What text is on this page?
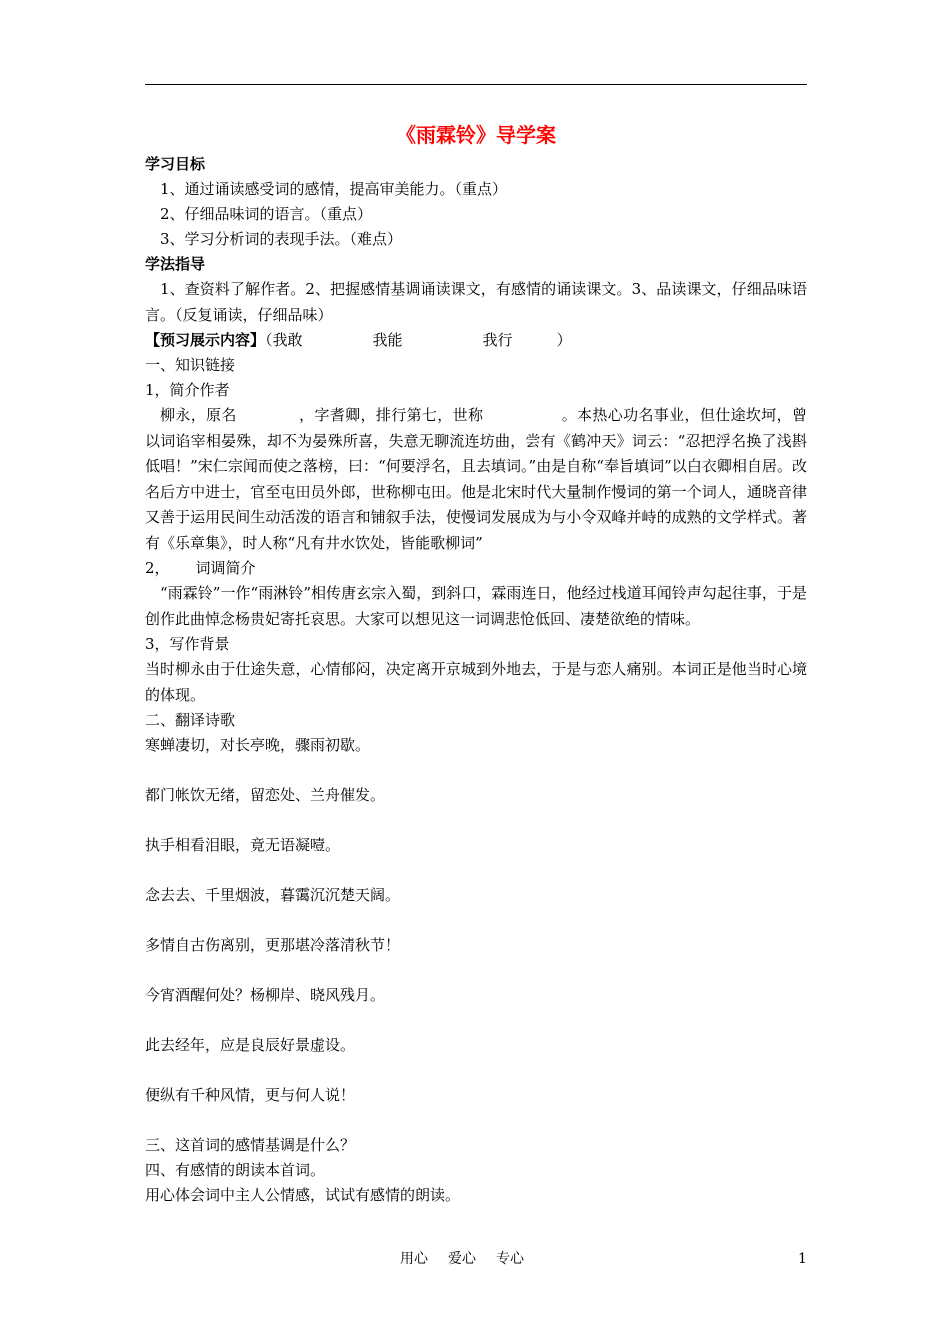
《雨霖铃》导学案

学习目标

1、通过诵读感受词的感情，提高审美能力。（重点）

2、仔细品味词的语言。（重点）

3、学习分析词的表现手法。（难点）

学法指导

1、查资料了解作者。2、把握感情基调诵读课文，有感情的诵读课文。3、品读课文，仔细品味语言。（反复诵读，仔细品味）

【预习展示内容】（我敢	我能	我行	）

一、知识链接

1，简介作者

柳永，原名	，字耆卿，排行第七，世称	。本热心功名事业，但仕途坎坷，曾以词谄宰相晏殊，却不为晏殊所喜，失意无聊流连坊曲，尝有《鹤冲天》词云：“忍把浮名换了浅斟低唱！”宋仁宗闻而使之落榜，曰：“何要浮名，且去填词。”由是自称“奉旨填词”以白衣卿相自居。改名后方中进士，官至屯田员外郎，世称柳屯田。他是北宋时代大量制作慢词的第一个词人，通晓音律又善于运用民间生动活泼的语言和铺叙手法，使慢词发展成为与小令双峰并峙的成熟的文学样式。著有《乐章集》，时人称“凡有井水饮处，皆能歌柳词”

2， 词调简介

“雨霖铃”一作“雨淋铃”相传唐玄宗入蜀，到斜口，霖雨连日，他经过栈道耳闻铃声勾起往事，于是创作此曲悼念杨贵妃寄托哀思。大家可以想见这一词调悲怆低回、凄楚欲绝的情味。

3，写作背景

当时柳永由于仕途失意，心情郁闷，决定离开京城到外地去，于是与恋人痛别。本词正是他当时心境的体现。

二、翻译诗歌

寒蝉凄切，对长亭晚，骤雨初歇。

都门帐饮无绪，留恋处、兰舟催发。

执手相看泪眼，竟无语凝噎。

念去去、千里烟波，暮霭沉沉楚天阔。

多情自古伤离别，更那堪冷落清秋节！

今宵酒醒何处？杨柳岸、晓风残月。

此去经年，应是良辰好景虚设。

便纵有千种风情，更与何人说！

三、这首词的感情基调是什么？

四、有感情的朗读本首词。

用心体会词中主人公情感，试试有感情的朗读。

用心 爱心 专心	1
